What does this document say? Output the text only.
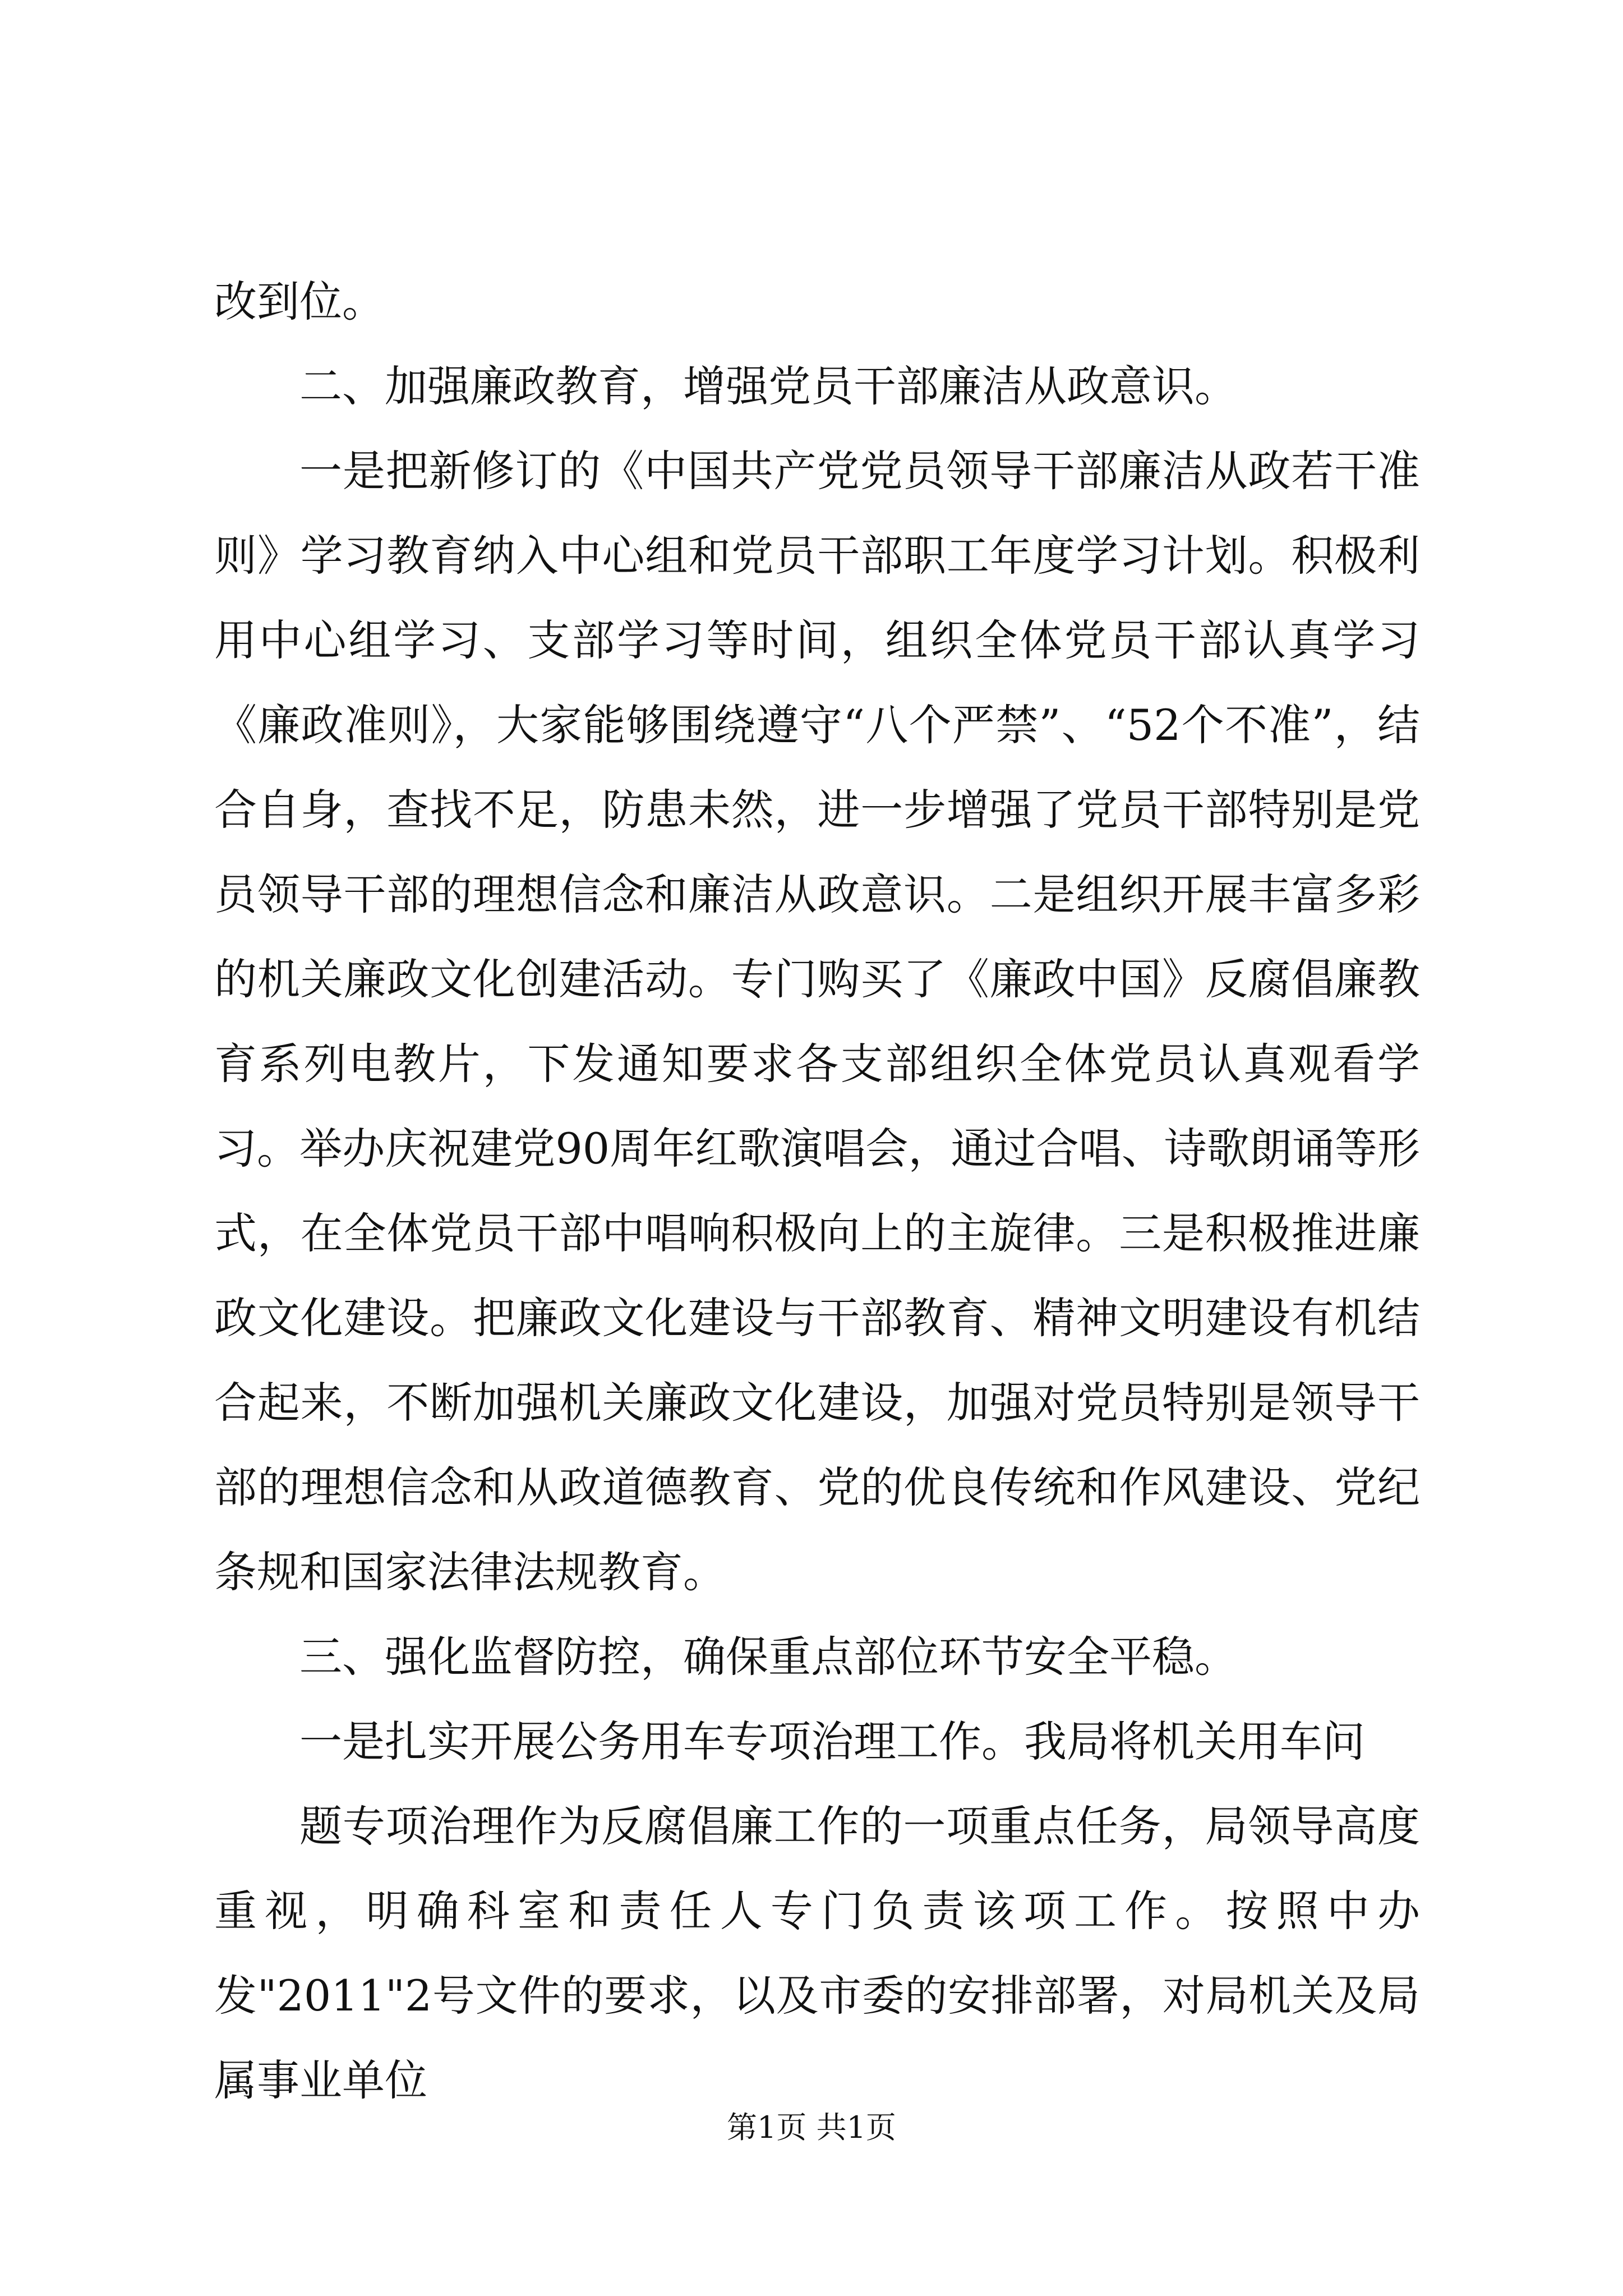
改到位。

二、加强廉政教育，增强党员干部廉洁从政意识。

一是把新修订的《中国共产党党员领导干部廉洁从政若干准则》学习教育纳入中心组和党员干部职工年度学习计划。积极利用中心组学习、支部学习等时间，组织全体党员干部认真学习《廉政准则》，大家能够围绕遵守“八个严禁”、“52个不准”，结合自身，查找不足，防患未然，进一步增强了党员干部特别是党员领导干部的理想信念和廉洁从政意识。二是组织开展丰富多彩的机关廉政文化创建活动。专门购买了《廉政中国》反腐倡廉教育系列电教片，下发通知要求各支部组织全体党员认真观看学习。举办庆祝建党90周年红歌演唱会，通过合唱、诗歌朗诵等形式，在全体党员干部中唱响积极向上的主旋律。三是积极推进廉政文化建设。把廉政文化建设与干部教育、精神文明建设有机结合起来，不断加强机关廉政文化建设，加强对党员特别是领导干部的理想信念和从政道德教育、党的优良传统和作风建设、党纪条规和国家法律法规教育。

三、强化监督防控，确保重点部位环节安全平稳。

一是扎实开展公务用车专项治理工作。我局将机关用车问

题专项治理作为反腐倡廉工作的一项重点任务，局领导高度重视，明确科室和责任人专门负责该项工作。按照中办发"2011"2号文件的要求，以及市委的安排部署，对局机关及局属事业单位

第1页 共1页
